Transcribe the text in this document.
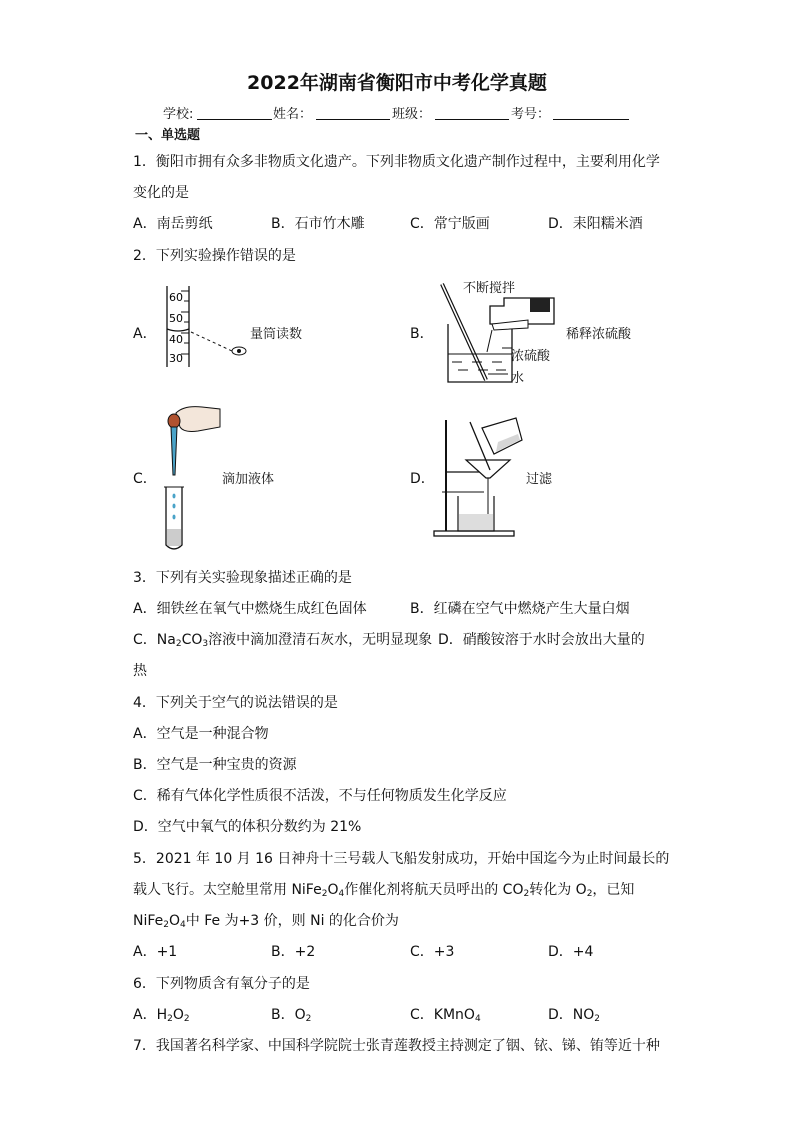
2022年湖南省衡阳市中考化学真题
学校:	姓名：	班级：	考号：
一、单选题
1．衡阳市拥有众多非物质文化遗产。下列非物质文化遗产制作过程中，主要利用化学
变化的是
A．南岳剪纸	B．石市竹木雕	C．常宁版画	D．耒阳糯米酒
2．下列实验操作错误的是
A．
60
50
40
30
量筒读数	B．
不断搅拌
稀释浓硫酸
浓硫酸
水
C．	滴加液体	D．	过滤
3．下列有关实验现象描述正确的是
A．细铁丝在氧气中燃烧生成红色固体	B．红磷在空气中燃烧产生大量白烟
C．$Na_2CO_3$溶液中滴加澄清石灰水，无明显现象 D．硝酸铵溶于水时会放出大量的
热
4．下列关于空气的说法错误的是
A．空气是一种混合物
B．空气是一种宝贵的资源
C．稀有气体化学性质很不活泼，不与任何物质发生化学反应
D．空气中氧气的体积分数约为 21%
5．2021 年 10 月 16 日神舟十三号载人飞船发射成功，开始中国迄今为止时间最长的
载人飞行。太空舱里常用 $NiFe_2O_4$作催化剂将航天员呼出的 $CO_2$转化为 $O_2$，已知
$NiFe_2O_4$中 Fe 为+3 价，则 Ni 的化合价为
A．+1	B．+2	C．+3	D．+4
6．下列物质含有氧分子的是
A．$H_2O_2$	B．$O_2$	C．KMnO$_4$	D．$NO_2$
7．我国著名科学家、中国科学院院士张青莲教授主持测定了铟、铱、锑、铕等近十种
